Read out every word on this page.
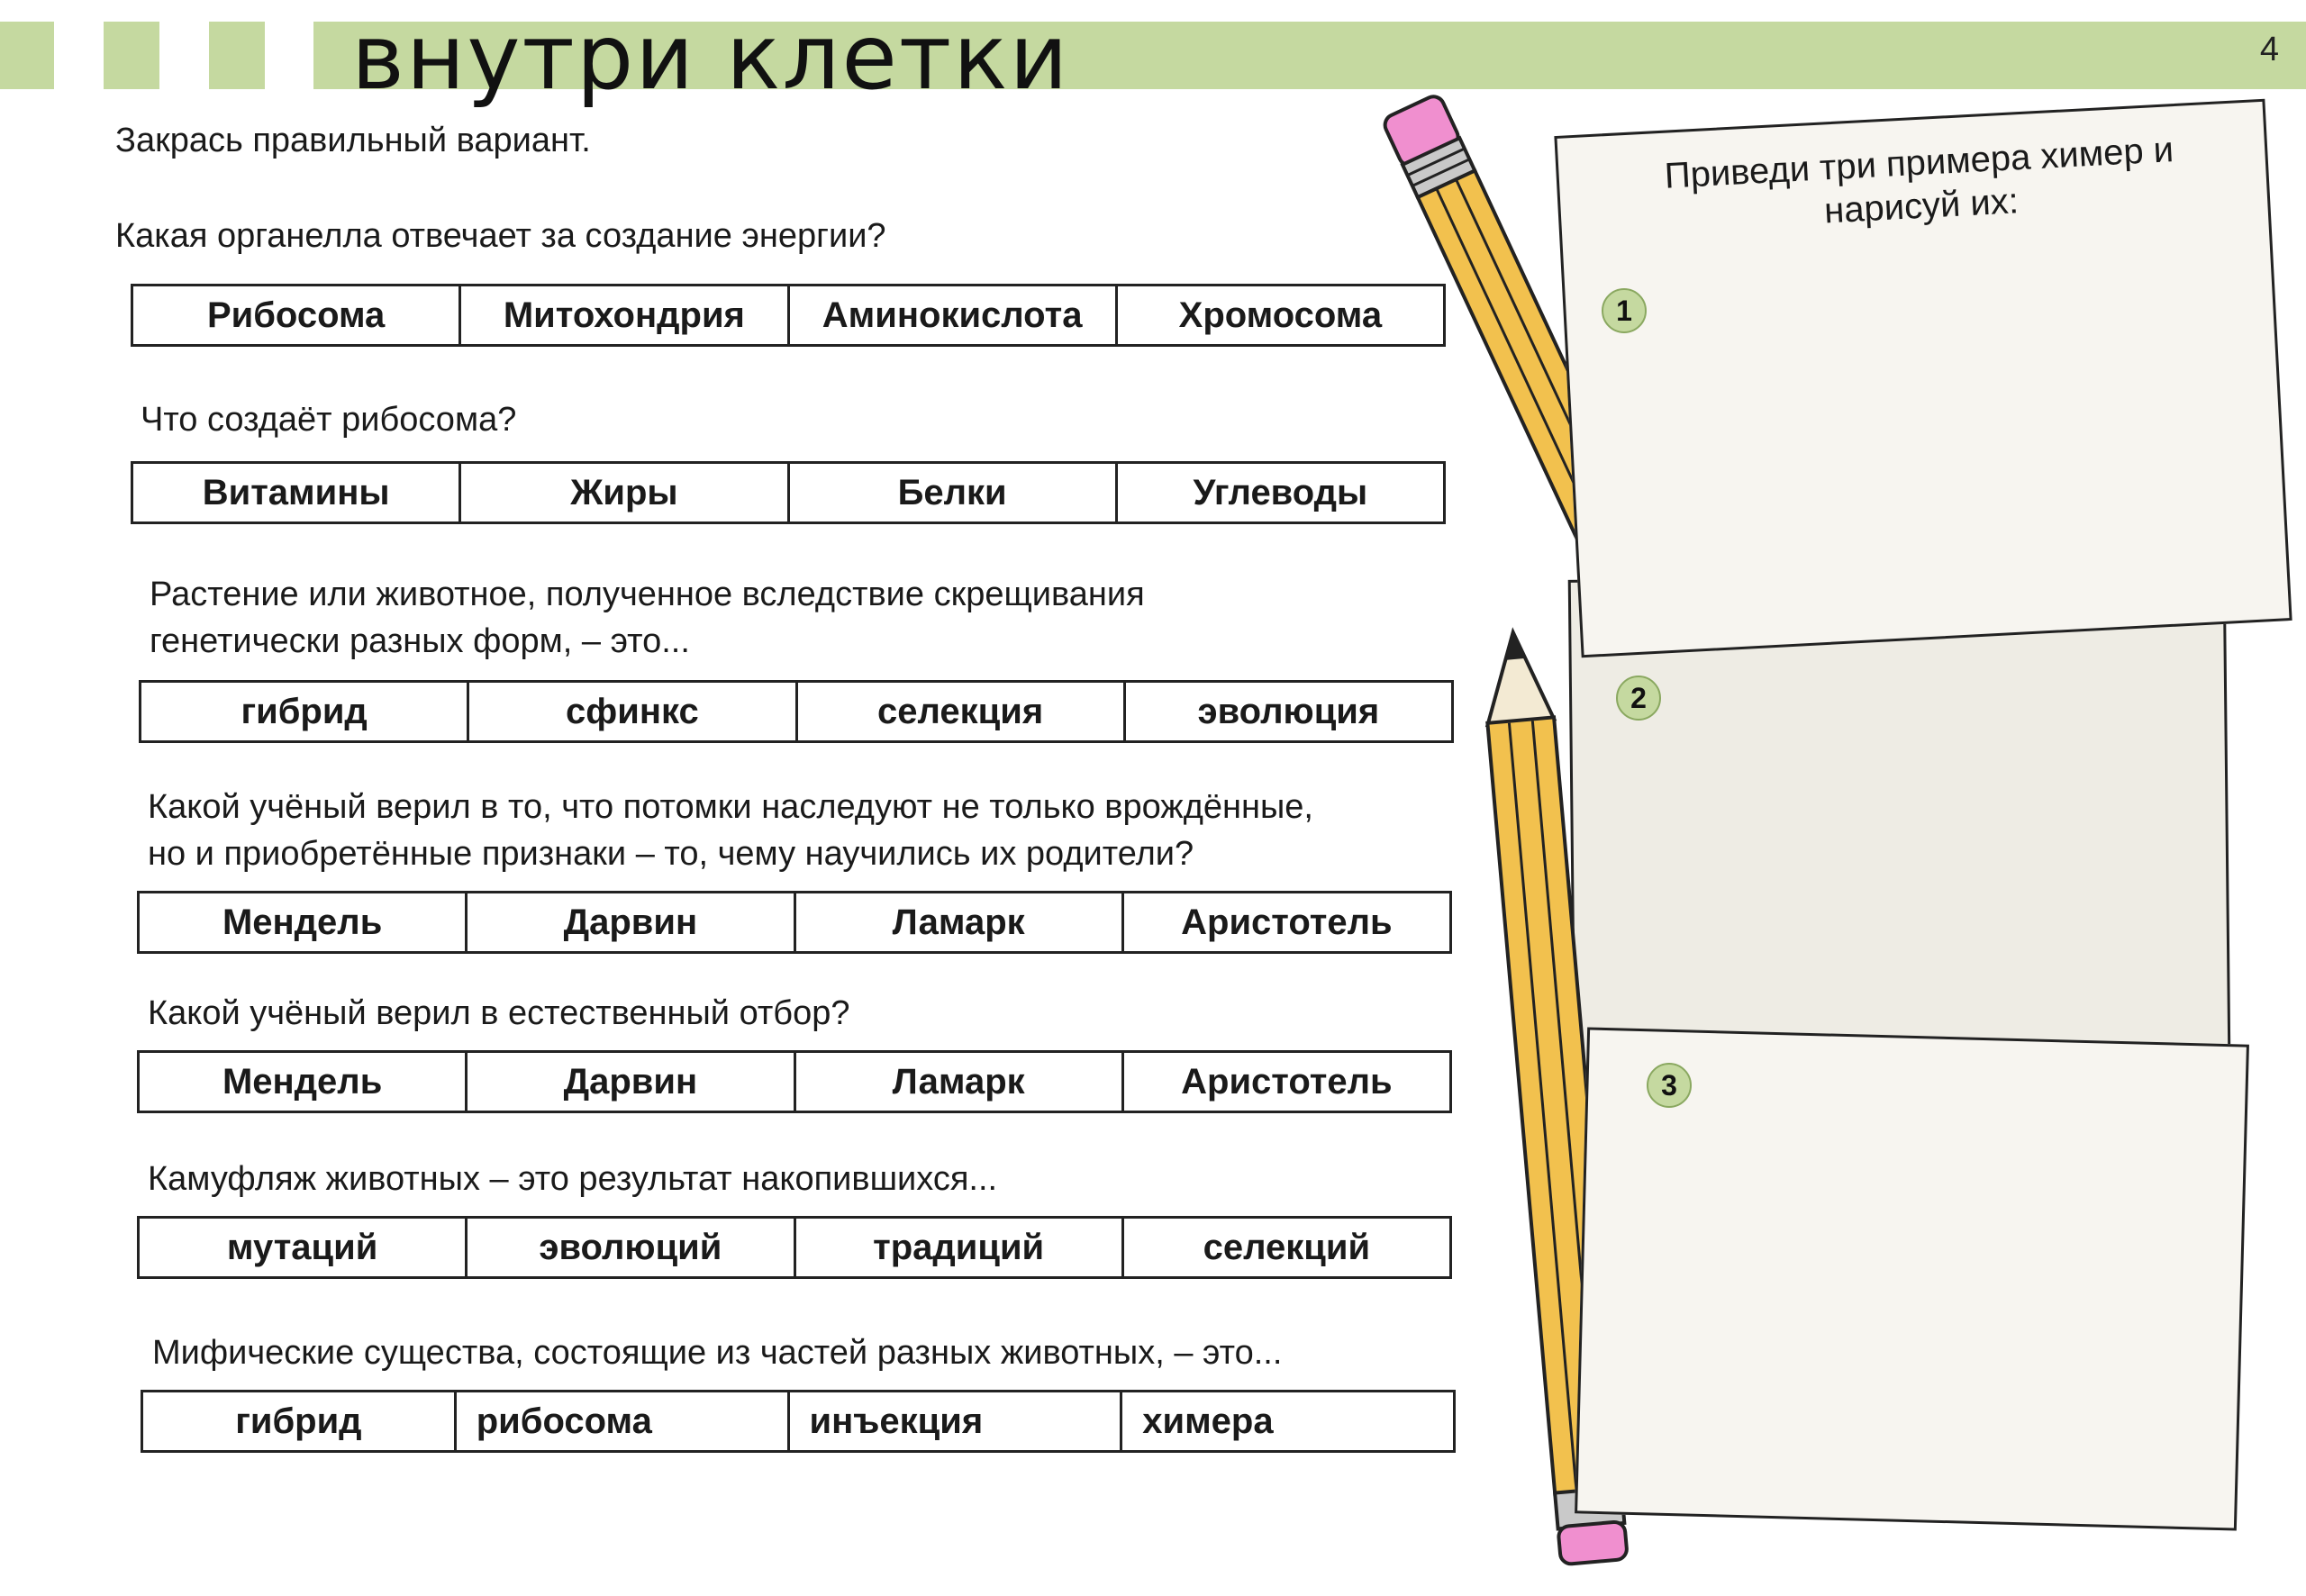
внутри клетки	4
Закрась правильный вариант.
Какая органелла отвечает за создание энергии?
Рибосома	Митохондрия	Аминокислота	Хромосома
Что создаёт рибосома?
Витамины	Жиры	Белки	Углеводы
Растение или животное, полученное вследствие скрещивания
генетически разных форм, – это...
гибрид	сфинкс	селекция	эволюция
Какой учёный верил в то, что потомки наследуют не только врождённые,
но и приобретённые признаки – то, чему научились их родители?
Мендель	Дарвин	Ламарк	Аристотель
Какой учёный верил в естественный отбор?
Мендель	Дарвин	Ламарк	Аристотель
Камуфляж животных – это результат накопившихся...
мутаций	эволюций	традиций	селекций
Мифические существа, состоящие из частей разных животных, – это...
гибрид	рибосома	инъекция	химера
Приведи три примера химер и
нарисуй их:
1
2
3
